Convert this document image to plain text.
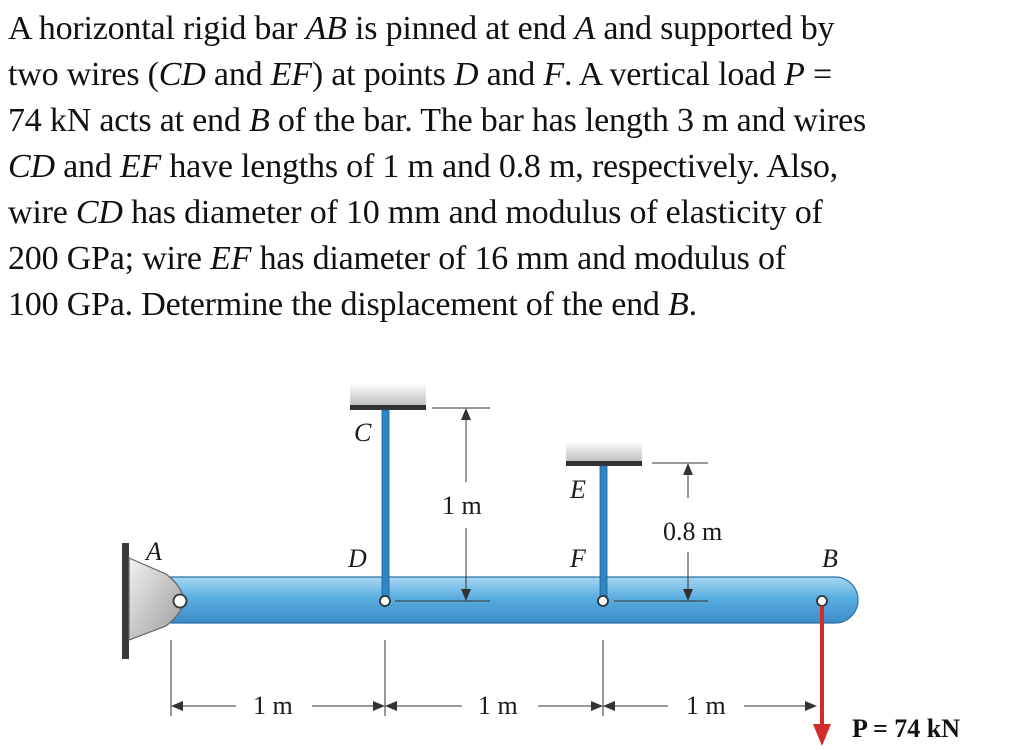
A horizontal rigid bar AB is pinned at end A and supported by
two wires (CD and EF) at points D and F. A vertical load P =
74 kN acts at end B of the bar. The bar has length 3 m and wires
CD and EF have lengths of 1 m and 0.8 m, respectively. Also,
wire CD has diameter of 10 mm and modulus of elasticity of
200 GPa; wire EF has diameter of 16 mm and modulus of
100 GPa. Determine the displacement of the end B.
A
C
D
E
F	B
1 m
0.8 m
1 m	1 m	1 m
P = 74 kN
